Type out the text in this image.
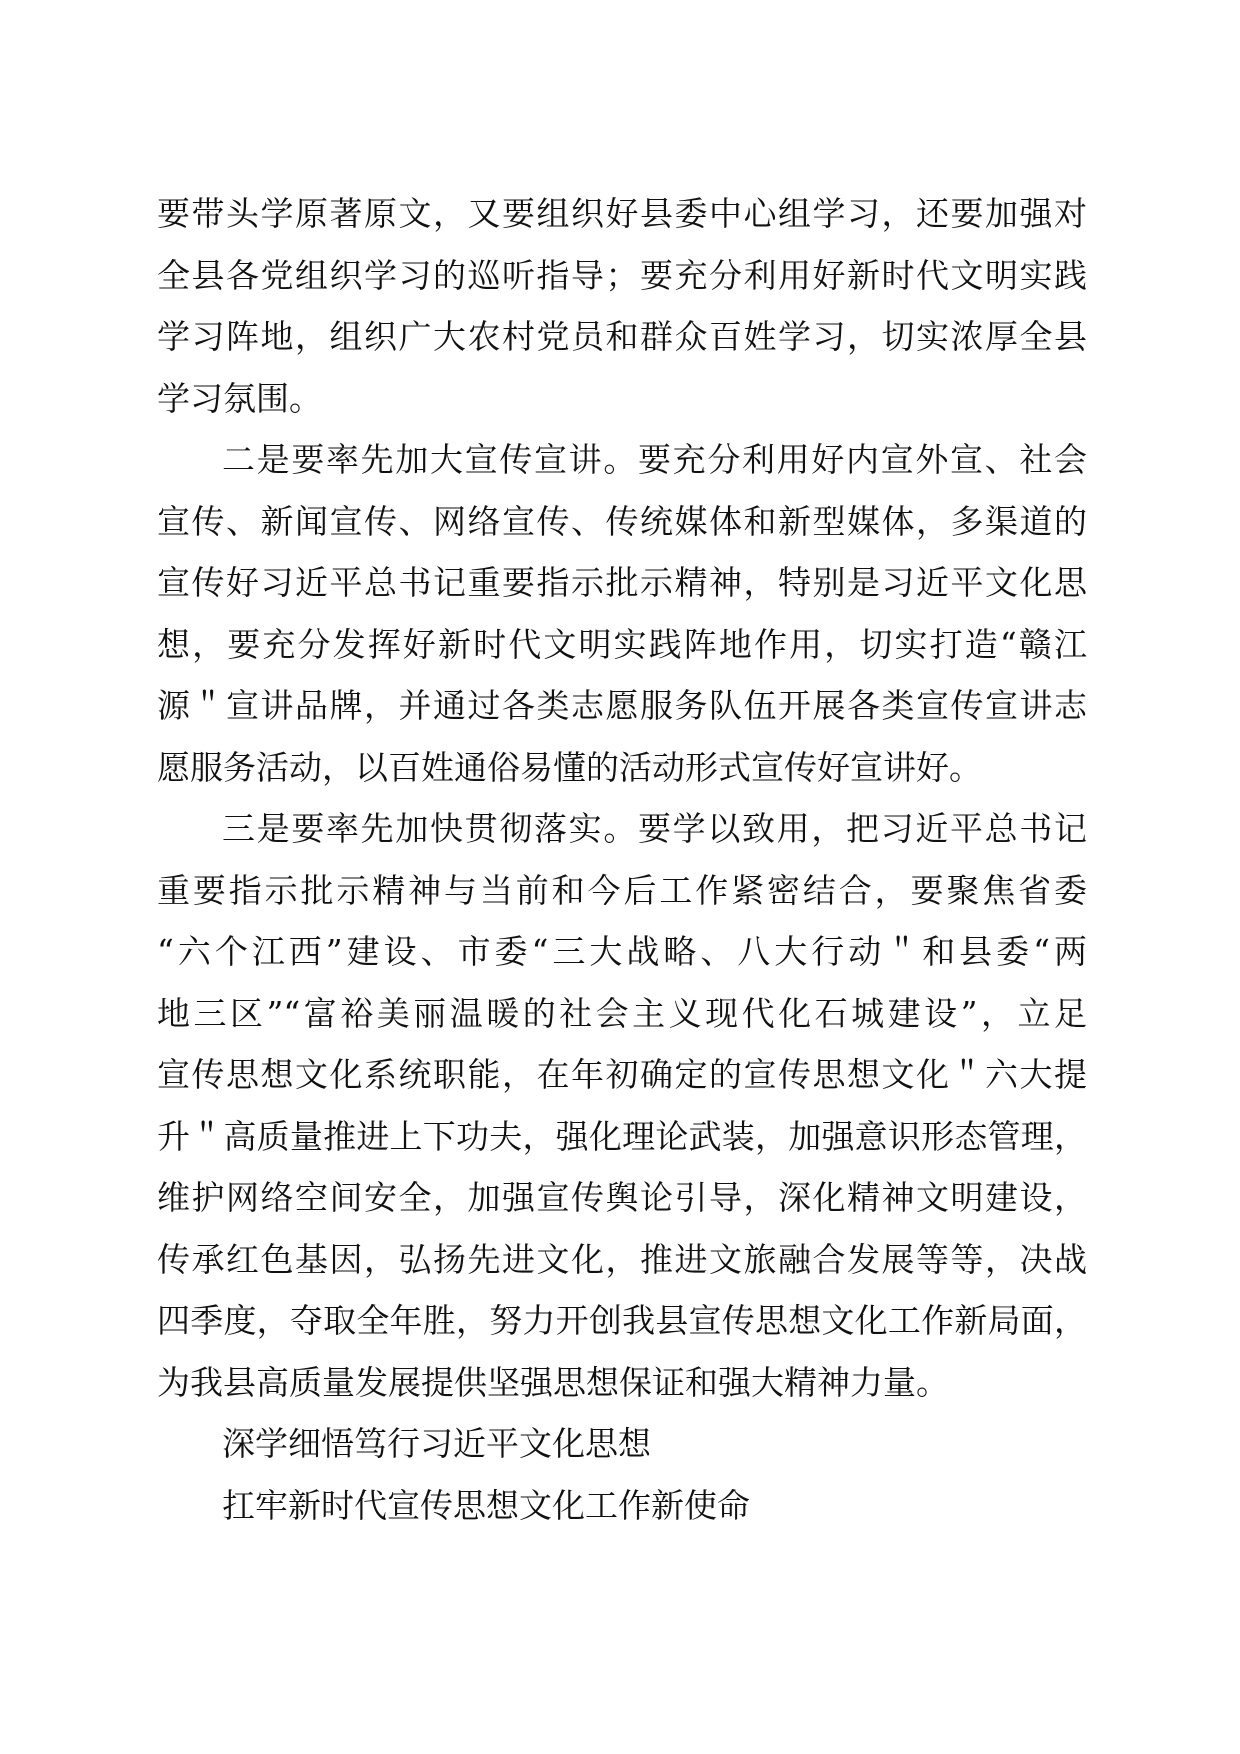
要带头学原著原文，又要组织好县委中心组学习，还要加强对
全县各党组织学习的巡听指导；要充分利用好新时代文明实践
学习阵地，组织广大农村党员和群众百姓学习，切实浓厚全县
学习氛围。
二是要率先加大宣传宣讲。要充分利用好内宣外宣、社会
宣传、新闻宣传、网络宣传、传统媒体和新型媒体，多渠道的
宣传好习近平总书记重要指示批示精神，特别是习近平文化思
想，要充分发挥好新时代文明实践阵地作用，切实打造“赣江
源＂宣讲品牌，并通过各类志愿服务队伍开展各类宣传宣讲志
愿服务活动，以百姓通俗易懂的活动形式宣传好宣讲好。
三是要率先加快贯彻落实。要学以致用，把习近平总书记
重要指示批示精神与当前和今后工作紧密结合，要聚焦省委
“六个江西”建设、市委“三大战略、八大行动＂和县委“两
地三区”“富裕美丽温暖的社会主义现代化石城建设”，立足
宣传思想文化系统职能，在年初确定的宣传思想文化＂六大提
升＂高质量推进上下功夫，强化理论武装，加强意识形态管理，
维护网络空间安全，加强宣传舆论引导，深化精神文明建设，
传承红色基因，弘扬先进文化，推进文旅融合发展等等，决战
四季度，夺取全年胜，努力开创我县宣传思想文化工作新局面，
为我县高质量发展提供坚强思想保证和强大精神力量。
深学细悟笃行习近平文化思想
扛牢新时代宣传思想文化工作新使命
